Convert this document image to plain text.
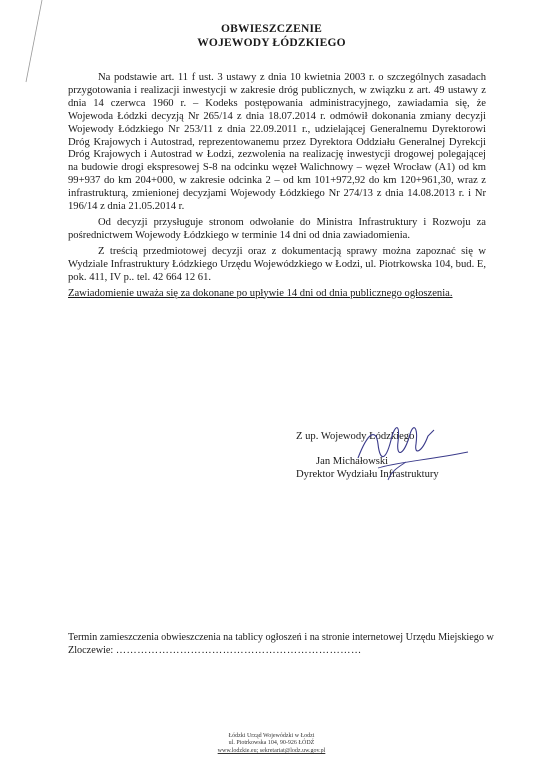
OBWIESZCZENIE
WOJEWODY ŁÓDZKIEGO

Na podstawie art. 11 f ust. 3 ustawy z dnia 10 kwietnia 2003 r. o szczególnych zasadach przygotowania i realizacji inwestycji w zakresie dróg publicznych, w związku z art. 49 ustawy z dnia 14 czerwca 1960 r. – Kodeks postępowania administracyjnego, zawiadamia się, że Wojewoda Łódzki decyzją Nr 265/14 z dnia 18.07.2014 r. odmówił dokonania zmiany decyzji Wojewody Łódzkiego Nr 253/11 z dnia 22.09.2011 r., udzielającej Generalnemu Dyrektorowi Dróg Krajowych i Autostrad, reprezentowanemu przez Dyrektora Oddziału Generalnej Dyrekcji Dróg Krajowych i Autostrad w Łodzi, zezwolenia na realizację inwestycji drogowej polegającej na budowie drogi ekspresowej S-8 na odcinku węzeł Walichnowy – węzeł Wrocław (A1) od km 99+937 do km 204+000, w zakresie odcinka 2 – od km 101+972,92 do km 120+961,30, wraz z infrastrukturą, zmienionej decyzjami Wojewody Łódzkiego Nr 274/13 z dnia 14.08.2013 r. i Nr 196/14 z dnia 21.05.2014 r.

Od decyzji przysługuje stronom odwołanie do Ministra Infrastruktury i Rozwoju za pośrednictwem Wojewody Łódzkiego w terminie 14 dni od dnia zawiadomienia.

Z treścią przedmiotowej decyzji oraz z dokumentacją sprawy można zapoznać się w Wydziale Infrastruktury Łódzkiego Urzędu Wojewódzkiego w Łodzi, ul. Piotrkowska 104, bud. E, pok. 411, IV p.. tel. 42 664 12 61.

Zawiadomienie uważa się za dokonane po upływie 14 dni od dnia publicznego ogłoszenia.

Z up. Wojewody Łódzkiego
Jan Michałowski
Dyrektor Wydziału Infrastruktury
Termin zamieszczenia obwieszczenia na tablicy ogłoszeń i na stronie internetowej Urzędu Miejskiego w Zloczewie: ……………………………………………………………
Łódzki Urząd Wojewódzki w Łodzi
ul. Piotrkowska 104, 90-926 ŁÓDŹ
www.lodzkie.eu; sekretariat@lodz.uw.gov.pl
